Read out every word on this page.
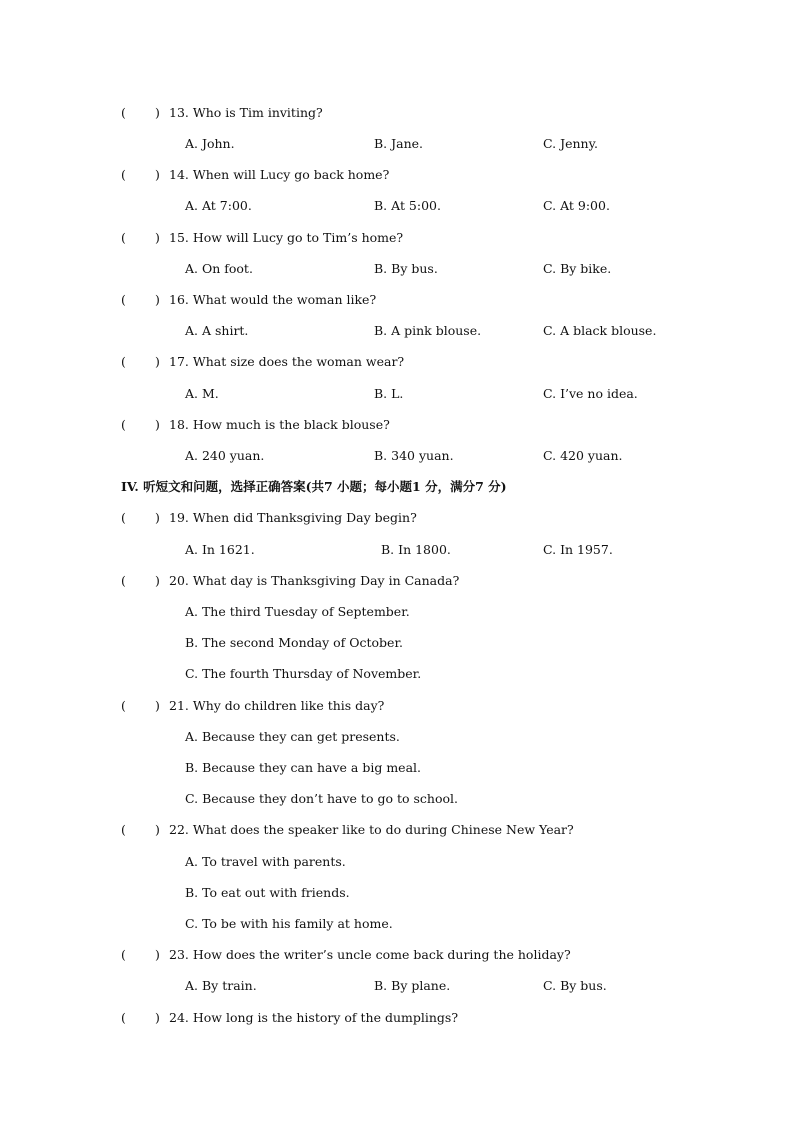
( ) 13. Who is Tim inviting?
A. John.	B. Jane.	C. Jenny.
( ) 14. When will Lucy go back home?
A. At 7:00.	B. At 5:00.	C. At 9:00.
( ) 15. How will Lucy go to Tim’s home?
A. On foot.	B. By bus.	C. By bike.
( ) 16. What would the woman like?
A. A shirt.	B. A pink blouse.	C. A black blouse.
( ) 17. What size does the woman wear?
A. M.	B. L.	C. I’ve no idea.
( ) 18. How much is the black blouse?
A. 240 yuan.	B. 340 yuan.	C. 420 yuan.
IV. 听短文和问题，选择正确答案(共7 小题；每小题1 分，满分7 分)
( ) 19. When did Thanksgiving Day begin?
A. In 1621.	B. In 1800.	C. In 1957.
( ) 20. What day is Thanksgiving Day in Canada?
A. The third Tuesday of September.
B. The second Monday of October.
C. The fourth Thursday of November.
( ) 21. Why do children like this day?
A. Because they can get presents.
B. Because they can have a big meal.
C. Because they don’t have to go to school.
( ) 22. What does the speaker like to do during Chinese New Year?
A. To travel with parents.
B. To eat out with friends.
C. To be with his family at home.
( ) 23. How does the writer’s uncle come back during the holiday?
A. By train.	B. By plane.	C. By bus.
( ) 24. How long is the history of the dumplings?
